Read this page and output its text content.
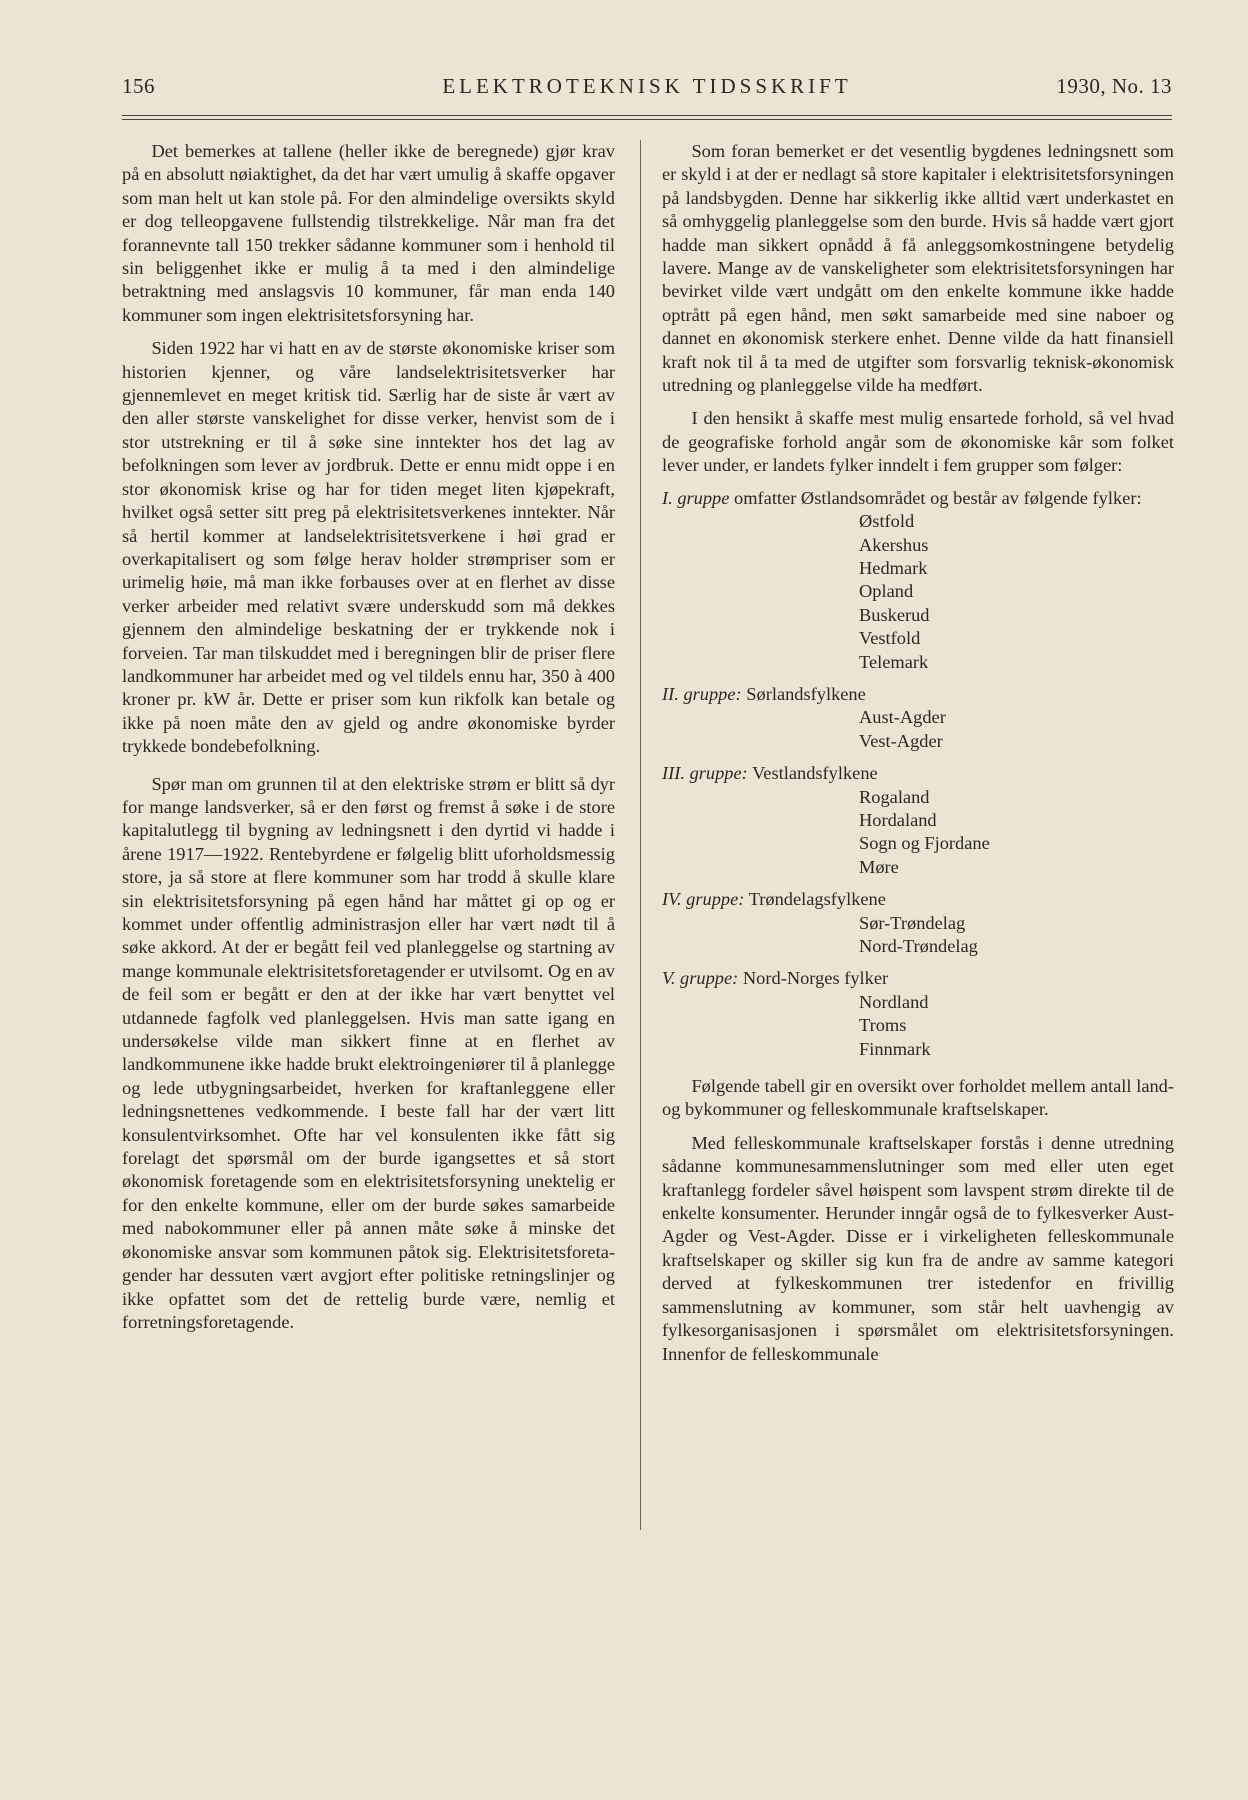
156	ELEKTROTEKNISK TIDSSKRIFT	1930, No. 13

Det bemerkes at tallene (heller ikke de beregnede) gjør krav på en absolutt nøiaktighet, da det har vært umulig å skaffe opgaver som man helt ut kan stole på. For den almindelige oversikts skyld er dog telleopgavene fullstendig tilstrekkelige. Når man fra det forannevnte tall 150 trekker sådanne kommuner som i henhold til sin beliggenhet ikke er mulig å ta med i den almindelige betraktning med anslagsvis 10 kommuner, får man enda 140 kommuner som ingen elektrisitetsforsyning har.

Siden 1922 har vi hatt en av de største økonomiske kriser som historien kjenner, og våre landselektrisitetsverker har gjennemlevet en meget kritisk tid. Særlig har de siste år vært av den aller største vanskelighet for disse verker, henvist som de i stor utstrekning er til å søke sine inntekter hos det lag av befolkningen som lever av jordbruk. Dette er ennu midt oppe i en stor økonomisk krise og har for tiden meget liten kjøpekraft, hvilket også setter sitt preg på elektrisitetsverkenes inntekter. Når så hertil kommer at landselektrisitetsverkene i høi grad er overkapitalisert og som følge herav holder strømpriser som er urimelig høie, må man ikke forbauses over at en flerhet av disse verker arbeider med relativt svære underskudd som må dekkes gjennem den almindelige beskatning der er trykkende nok i forveien. Tar man tilskuddet med i beregningen blir de priser flere landkommuner har arbeidet med og vel tildels ennu har, 350 à 400 kroner pr. kW år. Dette er priser som kun rikfolk kan betale og ikke på noen måte den av gjeld og andre økonomiske byrder trykkede bondebefolkning.

Spør man om grunnen til at den elektriske strøm er blitt så dyr for mange landsverker, så er den først og fremst å søke i de store kapitalutlegg til bygning av ledningsnett i den dyrtid vi hadde i årene 1917—1922. Rentebyrdene er følgelig blitt uforholdsmessig store, ja så store at flere kommuner som har trodd å skulle klare sin elektrisitetsforsyning på egen hånd har måttet gi op og er kommet under offentlig administrasjon eller har vært nødt til å søke akkord. At der er begått feil ved planleggelse og startning av mange kommunale elektrisitetsforetagender er utvilsomt. Og en av de feil som er begått er den at der ikke har vært benyttet vel utdannede fagfolk ved planleggelsen. Hvis man satte igang en undersøkelse vilde man sikkert finne at en flerhet av landkommunene ikke hadde brukt elektroingeniører til å planlegge og lede utbygningsarbeidet, hverken for kraftanleggene eller ledningsnettenes vedkommende. I beste fall har der vært litt konsulentvirksomhet. Ofte har vel konsulenten ikke fått sig forelagt det spørsmål om der burde igangsettes et så stort økonomisk foretagende som en elektrisitetsforsyning unektelig er for den enkelte kommune, eller om der burde søkes samarbeide med nabokommuner eller på annen måte søke å minske det økonomiske ansvar som kommunen påtok sig. Elektrisitetsforetagender har dessuten vært avgjort efter politiske retningslinjer og ikke opfattet som det de rettelig burde være, nemlig et forretningsforetagende.

Som foran bemerket er det vesentlig bygdenes ledningsnett som er skyld i at der er nedlagt så store kapitaler i elektrisitetsforsyningen på landsbygden. Denne har sikkerlig ikke alltid vært underkastet en så omhyggelig planleggelse som den burde. Hvis så hadde vært gjort hadde man sikkert opnådd å få anleggsomkostningene betydelig lavere. Mange av de vanskeligheter som elektrisitetsforsyningen har bevirket vilde vært undgått om den enkelte kommune ikke hadde optrått på egen hånd, men søkt samarbeide med sine naboer og dannet en økonomisk sterkere enhet. Denne vilde da hatt finansiell kraft nok til å ta med de utgifter som forsvarlig teknisk-økonomisk utredning og planleggelse vilde ha medført.

I den hensikt å skaffe mest mulig ensartede forhold, så vel hvad de geografiske forhold angår som de økonomiske kår som folket lever under, er landets fylker inndelt i fem grupper som følger:

I. gruppe omfatter Østlandsområdet og består av følgende fylker:

Østfold
Akershus
Hedmark
Opland
Buskerud
Vestfold
Telemark

II. gruppe: Sørlandsfylkene

Aust-Agder
Vest-Agder

III. gruppe: Vestlandsfylkene

Rogaland
Hordaland
Sogn og Fjordane
Møre

IV. gruppe: Trøndelagsfylkene

Sør-Trøndelag
Nord-Trøndelag

V. gruppe: Nord-Norges fylker

Nordland
Troms
Finnmark

Følgende tabell gir en oversikt over forholdet mellem antall land- og bykommuner og felleskommunale kraftselskaper.

Med felleskommunale kraftselskaper forstås i denne utredning sådanne kommunesammenslutninger som med eller uten eget kraftanlegg fordeler såvel høispent som lavspent strøm direkte til de enkelte konsumenter. Herunder inngår også de to fylkesverker Aust-Agder og Vest-Agder. Disse er i virkeligheten felleskommunale kraftselskaper og skiller sig kun fra de andre av samme kategori derved at fylkeskommunen trer istedenfor en frivillig sammenslutning av kommuner, som står helt uavhengig av fylkesorganisasjonen i spørsmålet om elektrisitetsforsyningen. Innenfor de felleskommunale
